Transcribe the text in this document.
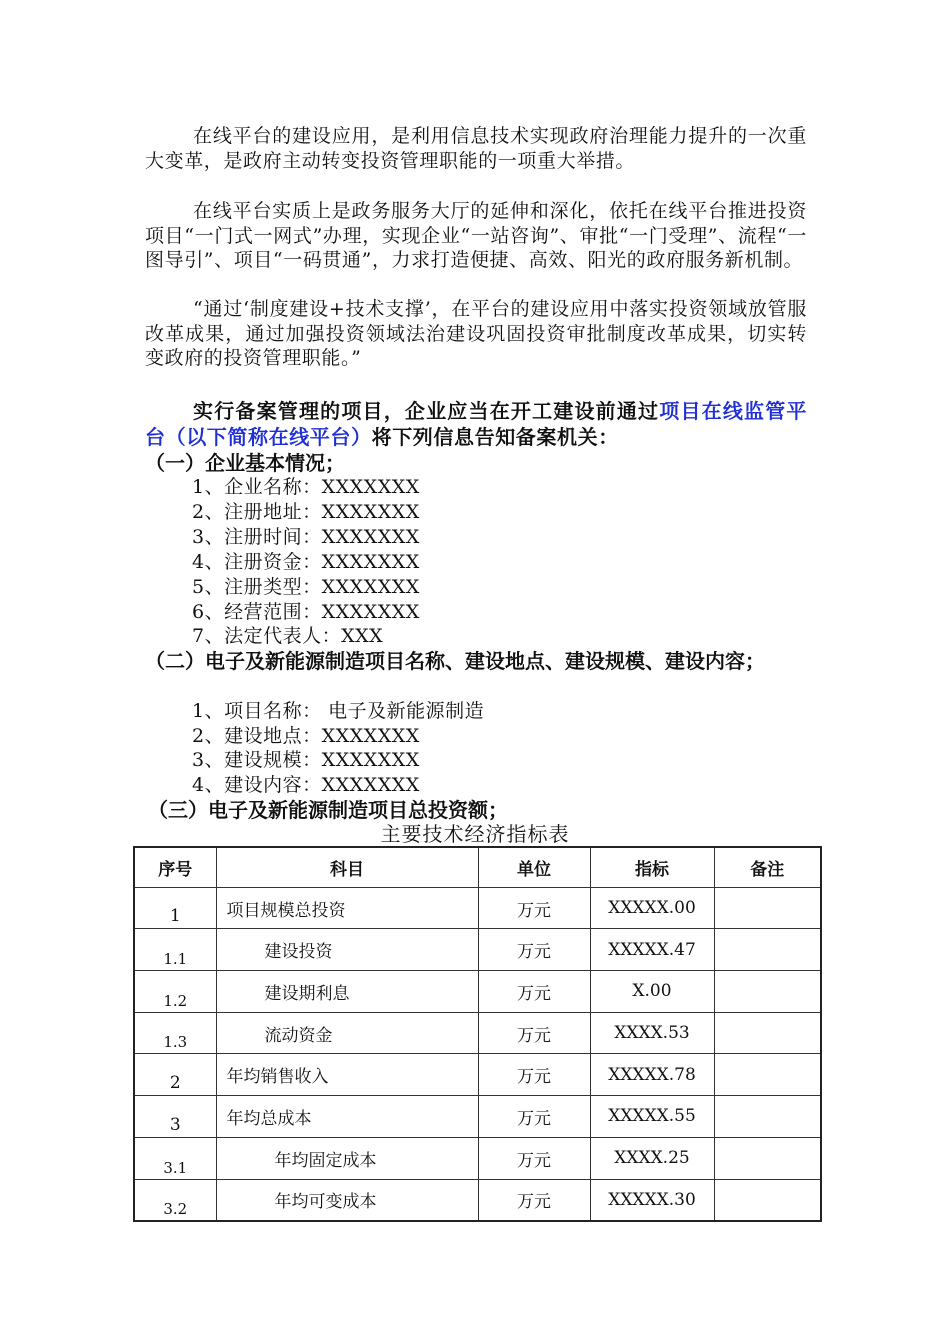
在线平台的建设应用，是利用信息技术实现政府治理能力提升的一次重大变革，是政府主动转变投资管理职能的一项重大举措。

在线平台实质上是政务服务大厅的延伸和深化，依托在线平台推进投资项目“一门式一网式”办理，实现企业“一站咨询”、审批“一门受理”、流程“一图导引”、项目“一码贯通”，力求打造便捷、高效、阳光的政府服务新机制。

“通过‘制度建设+技术支撑’，在平台的建设应用中落实投资领域放管服改革成果，通过加强投资领域法治建设巩固投资审批制度改革成果，切实转变政府的投资管理职能。”

实行备案管理的项目，企业应当在开工建设前通过项目在线监管平台（以下简称在线平台）将下列信息告知备案机关：

（一）企业基本情况；

1、企业名称：XXXXXXX

2、注册地址：XXXXXXX

3、注册时间：XXXXXXX

4、注册资金：XXXXXXX

5、注册类型：XXXXXXX

6、经营范围：XXXXXXX

7、法定代表人：XXX

（二）电子及新能源制造项目名称、建设地点、建设规模、建设内容；

1、项目名称： 电子及新能源制造

2、建设地点：XXXXXXX

3、建设规模：XXXXXXX

4、建设内容：XXXXXXX

（三）电子及新能源制造项目总投资额；

主要技术经济指标表
序号	科目	单位	指标	备注
1	项目规模总投资	万元	XXXXX.00	
1.1	建设投资	万元	XXXXX.47	
1.2	建设期利息	万元	X.00	
1.3	流动资金	万元	XXXX.53	
2	年均销售收入	万元	XXXXX.78	
3	年均总成本	万元	XXXXX.55	
3.1	年均固定成本	万元	XXXX.25	
3.2	年均可变成本	万元	XXXXX.30	
